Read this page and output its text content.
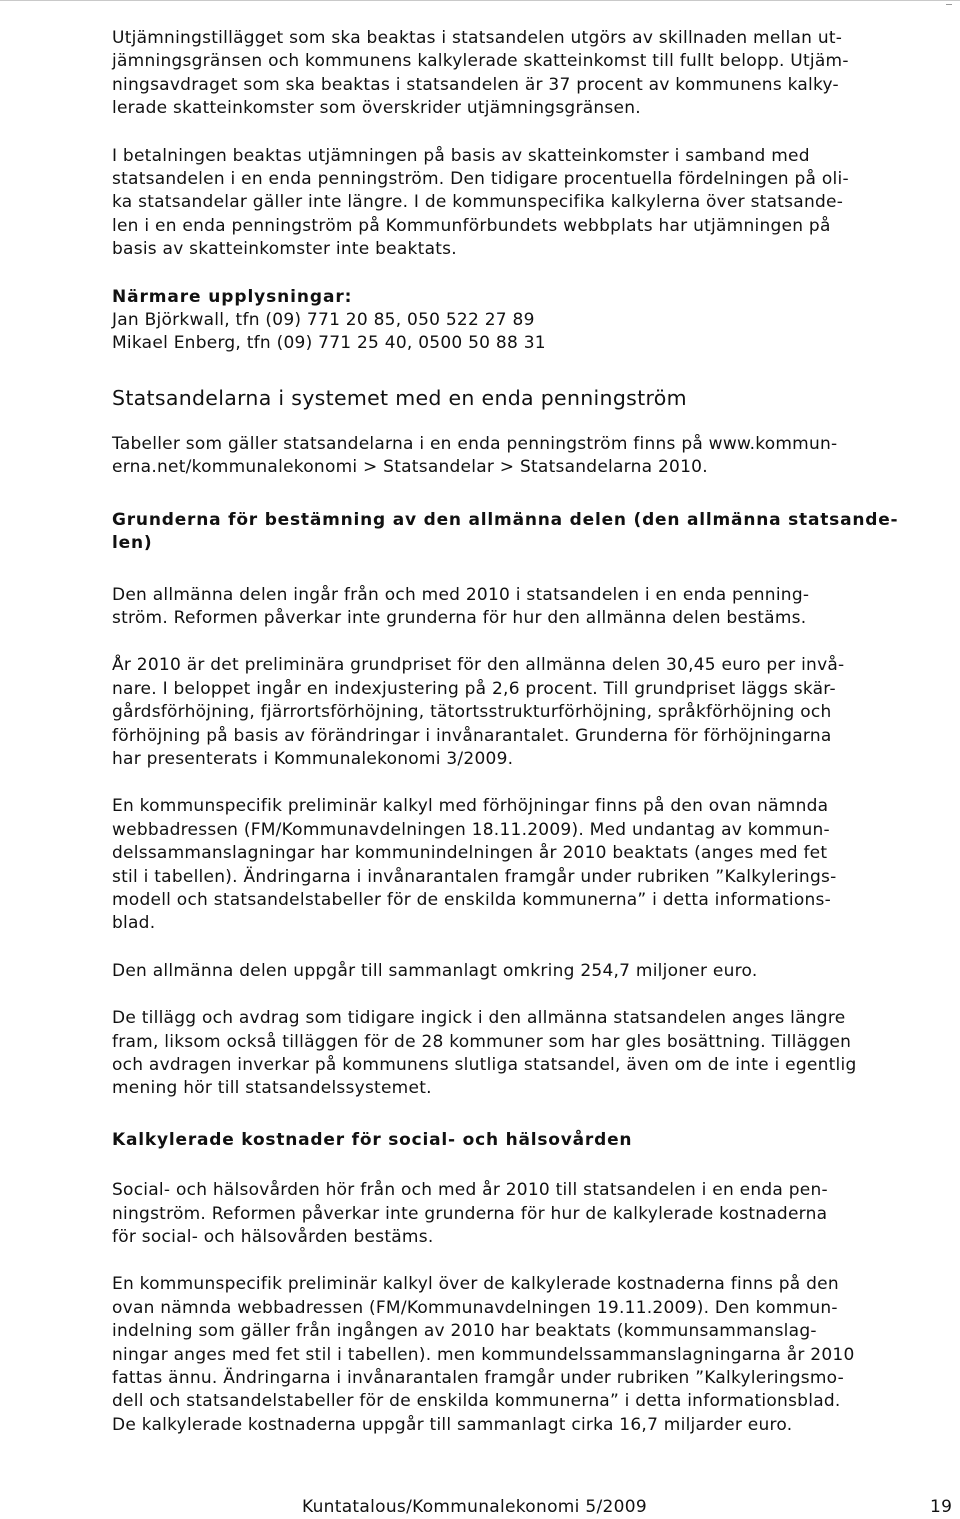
Utjämningstillägget som ska beaktas i statsandelen utgörs av skillnaden mellan ut-
jämningsgränsen och kommunens kalkylerade skatteinkomst till fullt belopp. Utjäm-
ningsavdraget som ska beaktas i statsandelen är 37 procent av kommunens kalky-
lerade skatteinkomster som överskrider utjämningsgränsen.

I betalningen beaktas utjämningen på basis av skatteinkomster i samband med
statsandelen i en enda penningström. Den tidigare procentuella fördelningen på oli-
ka statsandelar gäller inte längre. I de kommunspecifika kalkylerna över statsande-
len i en enda penningström på Kommunförbundets webbplats har utjämningen på
basis av skatteinkomster inte beaktats.

Närmare upplysningar:
Jan Björkwall, tfn (09) 771 20 85, 050 522 27 89
Mikael Enberg, tfn (09) 771 25 40, 0500 50 88 31
Statsandelarna i systemet med en enda penningström

Tabeller som gäller statsandelarna i en enda penningström finns på www.kommun-
erna.net/kommunalekonomi > Statsandelar > Statsandelarna 2010.

Grunderna för bestämning av den allmänna delen (den allmänna statsande-
len)

Den allmänna delen ingår från och med 2010 i statsandelen i en enda penning-
ström. Reformen påverkar inte grunderna för hur den allmänna delen bestäms.

År 2010 är det preliminära grundpriset för den allmänna delen 30,45 euro per invå-
nare. I beloppet ingår en indexjustering på 2,6 procent. Till grundpriset läggs skär-
gårdsförhöjning, fjärrortsförhöjning, tätortsstrukturförhöjning, språkförhöjning och
förhöjning på basis av förändringar i invånarantalet. Grunderna för förhöjningarna
har presenterats i Kommunalekonomi 3/2009.

En kommunspecifik preliminär kalkyl med förhöjningar finns på den ovan nämnda
webbadressen (FM/Kommunavdelningen 18.11.2009). Med undantag av kommun-
delssammanslagningar har kommunindelningen år 2010 beaktats (anges med fet
stil i tabellen). Ändringarna i invånarantalen framgår under rubriken ”Kalkylerings-
modell och statsandelstabeller för de enskilda kommunerna” i detta informations-
blad.

Den allmänna delen uppgår till sammanlagt omkring 254,7 miljoner euro.

De tillägg och avdrag som tidigare ingick i den allmänna statsandelen anges längre
fram, liksom också tilläggen för de 28 kommuner som har gles bosättning. Tilläggen
och avdragen inverkar på kommunens slutliga statsandel, även om de inte i egentlig
mening hör till statsandelssystemet.

Kalkylerade kostnader för social- och hälsovården

Social- och hälsovården hör från och med år 2010 till statsandelen i en enda pen-
ningström. Reformen påverkar inte grunderna för hur de kalkylerade kostnaderna
för social- och hälsovården bestäms.

En kommunspecifik preliminär kalkyl över de kalkylerade kostnaderna finns på den
ovan nämnda webbadressen (FM/Kommunavdelningen 19.11.2009). Den kommun-
indelning som gäller från ingången av 2010 har beaktats (kommunsammanslag-
ningar anges med fet stil i tabellen). men kommundelssammanslagningarna år 2010
fattas ännu. Ändringarna i invånarantalen framgår under rubriken ”Kalkyleringsmo-
dell och statsandelstabeller för de enskilda kommunerna” i detta informationsblad.
De kalkylerade kostnaderna uppgår till sammanlagt cirka 16,7 miljarder euro.

Kuntatalous/Kommunalekonomi 5/2009	19
